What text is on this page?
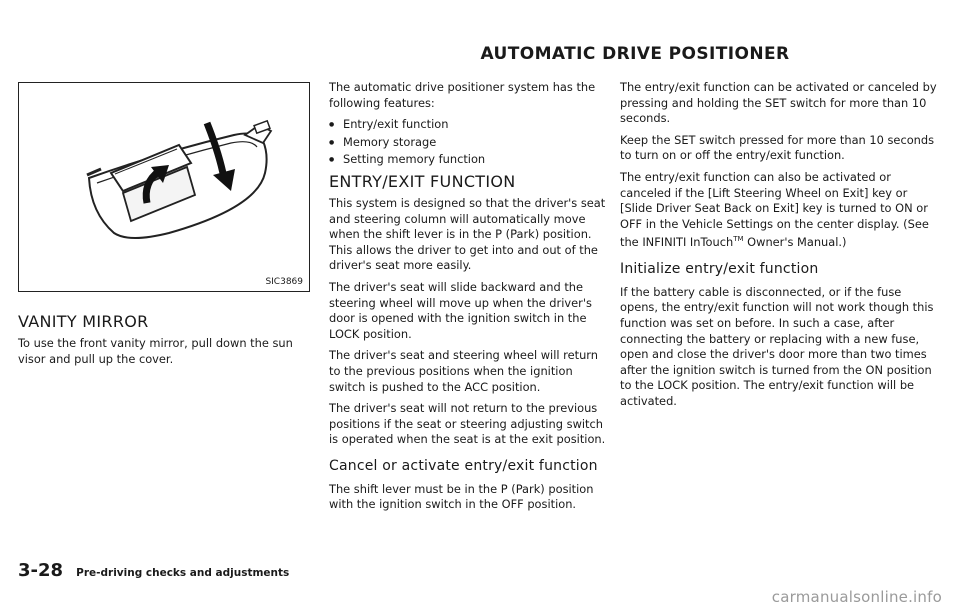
AUTOMATIC DRIVE POSITIONER
SIC3869
VANITY MIRROR

To use the front vanity mirror, pull down the sun visor and pull up the cover.

The automatic drive positioner system has the following features:

● Entry/exit function
● Memory storage
● Setting memory function
ENTRY/EXIT FUNCTION

This system is designed so that the driver's seat and steering column will automatically move when the shift lever is in the P (Park) position. This allows the driver to get into and out of the driver's seat more easily.

The driver's seat will slide backward and the steering wheel will move up when the driver's door is opened with the ignition switch in the LOCK position.

The driver's seat and steering wheel will return to the previous positions when the ignition switch is pushed to the ACC position.

The driver's seat will not return to the previous positions if the seat or steering adjusting switch is operated when the seat is at the exit position.

Cancel or activate entry/exit function

The shift lever must be in the P (Park) position with the ignition switch in the OFF position.

The entry/exit function can be activated or canceled by pressing and holding the SET switch for more than 10 seconds.

Keep the SET switch pressed for more than 10 seconds to turn on or off the entry/exit function.

The entry/exit function can also be activated or canceled if the [Lift Steering Wheel on Exit] key or [Slide Driver Seat Back on Exit] key is turned to ON or OFF in the Vehicle Settings on the center display. (See the INFINITI InTouch™ Owner's Manual.)

Initialize entry/exit function

If the battery cable is disconnected, or if the fuse opens, the entry/exit function will not work though this function was set on before. In such a case, after connecting the battery or replacing with a new fuse, open and close the driver's door more than two times after the ignition switch is turned from the ON position to the LOCK position. The entry/exit function will be activated.

3-28 Pre-driving checks and adjustments
carmanualsonline.info
